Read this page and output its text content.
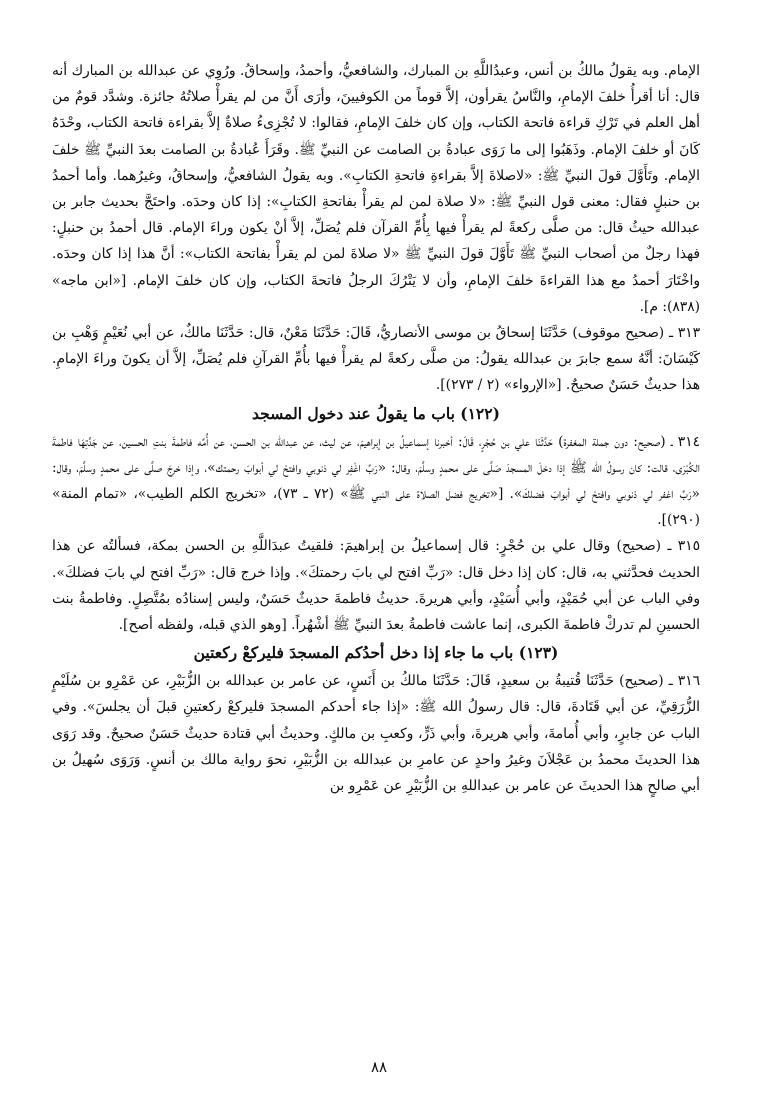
الإمام. وبه يقولُ مالكُ بن أنس، وعبدُاللَّهِ بن المبارك، والشافعيُّ، وأحمدُ، وإسحاقُ. ورُوِي عن عبدالله بن المبارك أنه قال: أنا أقرأُ خلفَ الإمامِ، والنَّاسُ يقرأون، إلاَّ قوماً من الكوفيينَ، وأرَى أَنَّ من لم يقرأْ صلاتُهُ جائزة. وشدَّد قومٌ من أهل العلم في تَرْكِ قراءة فاتحة الكتاب، وإن كان خلفَ الإمامِ، فقالوا: لا تُجْزِىءُ صلاةٌ إلاَّ بقراءة فاتحة الكتاب، وحْدَهُ كَانَ أو خلفَ الإمام. وذَهَبُوا إلى ما رَوَى عبادةُ بن الصامت عن النبيِّ ﷺ. وقَرَأَ عُبادةُ بن الصامت بعدَ النبيِّ ﷺ خلفَ الإمام. وتَأَوَّلَ قولَ النبيِّ ﷺ: «لاصلاةَ إلاَّ بقراءةِ فاتحةِ الكتابِ». وبه يقولُ الشافعيُّ، وإسحاقُ، وغيرُهما. وأما أحمدُ بن حنبلٍ فقال: معنى قول النبيِّ ﷺ: «لا صلاة لمن لم يقرأْ بفاتحةِ الكتابِ»: إذا كان وحدَه. واحتَجَّ بحديث جابر بن عبدالله حيثُ قال: من صلَّى ركعةً لم يقرأْ فيها بِأُمِّ القرآن فلم يُصَلِّ، إلاَّ أنْ يكون وراءَ الإمام. قال أحمدُ بن حنبلٍ: فهذا رجلٌ من أصحاب النبيِّ ﷺ تَأَوَّلَ قولَ النبيِّ ﷺ «لا صلاةَ لمن لم يقرأْ بفاتحة الكتاب»: أنَّ هذا إذا كان وحدَه. واخْتَارَ أحمدُ مع هذا القراءةَ خلفَ الإمامِ، وأن لا يَتْرُكَ الرجلُ فاتحةَ الكتاب، وإن كان خلفَ الإمام. [«ابن ماجه» (٨٣٨): م].

٣١٣ ـ (صحيح موقوف) حَدَّثَنَا إسحاقُ بن موسى الأنصاريُّ، قَالَ: حَدَّثَنَا مَعْنٌ، قال: حَدَّثَنَا مالكٌ، عن أبي نُعَيْمٍ وَهْبِ بن كَيْسَانَ: أنَّهُ سمع جابرَ بن عبدالله يقولُ: من صلَّى ركعةً لم يقرأْ فيها بأُمِّ القرآنِ فلم يُصَلِّ، إلاَّ أن يكونَ وراءَ الإمامِ. هذا حديثٌ حَسَنٌ صحيحٌ. [«الإرواء» (٢ / ٢٧٣)].

(١٢٢) باب ما يقولُ عند دخول المسجد

٣١٤ ـ (صحيح: دون جملة المغفرة) حَدَّثَنَا علي بن حُجْرٍ، قَالَ: أخبرنا إسماعيلُ بن إبراهيمَ، عن ليث، عن عبدالله بن الحسن، عن أُمِّه فاطمةَ بنتِ الحسين، عن جَدَّتِهَا فاطمةَ الكُبْرَى، قالت: كان رسولُ الله ﷺ إذا دخلَ المسجدَ صَلَّى على محمدٍ وسلَّمَ، وقال: «رَبِّ اغْفِر لي ذنوبي وافتحْ لي أبوابَ رحمتك»، وإذا خرجَ صلَّى على محمدٍ وسلَّمَ، وقال: «رَبِّ اغفر لي ذنوبي وافتحْ لي أبوابَ فضلكَ». [«تخريج فضل الصلاة على النبي ﷺ» (٧٢ ـ ٧٣)، «تخريج الكلم الطيب»، «تمام المنة» (٢٩٠)].

٣١٥ ـ (صحيح) وقال علي بن حُجْرٍ: قال إسماعيلُ بن إبراهيمَ: فلقيتُ عبدَاللَّهِ بن الحسن بمكة، فسألتُه عن هذا الحديث فحدَّثني به، قال: كان إذا دخل قال: «رَبِّ افتح لي بابَ رحمتكَ». وإذا خرج قال: «رَبِّ افتح لي بابَ فضلكَ». وفي الباب عن أبي حُمَيْدٍ، وأبي أُسَيْدٍ، وأبي هريرةَ. حديثُ فاطمةَ حديثٌ حَسَنٌ، وليس إسنادُه بمُتَّصِلٍ. وفاطمةُ بنت الحسينِ لم تدركْ فاطمةَ الكبرى، إنما عاشت فاطمةُ بعدَ النبيِّ ﷺ أشْهُراً. [وهو الذي قبله، ولفظه أصح].

(١٢٣) باب ما جاء إذا دخل أحدُكم المسجدَ فليركعْ ركعتين

٣١٦ ـ (صحيح) حَدَّثَنَا قُتيبةُ بن سعيدٍ، قَالَ: حَدَّثَنَا مالكُ بن أَنَسٍ، عن عامر بن عبدالله بن الزُّبَيْرِ، عن عَمْرِو بن سُلَيْمٍ الزُّرَقِيِّ، عن أبي قَتَادةَ، قال: قال رسولُ الله ﷺ: «إذا جاء أحدكم المسجدَ فليركعْ ركعتينِ قبلَ أن يجلسَ». وفي الباب عن جابرٍ، وأبي أُمامةَ، وأبي هريرةَ، وأبي ذَرٍّ، وكعبِ بن مالكٍ. وحديثُ أبي قتادة حديثٌ حَسَنٌ صحيحٌ. وقد رَوَى هذا الحديثَ محمدُ بن عَجْلاَنَ وغيرُ واحدٍ عن عامرِ بن عبدالله بن الزُّبَيْرِ، نحوَ رواية مالك بن أنسٍ. وَرَوَى سُهيلُ بن أبي صالحٍ هذا الحديثَ عن عامر بن عبداللهِ بن الزُّبَيْرِ عن عَمْرِو بن

٨٨
